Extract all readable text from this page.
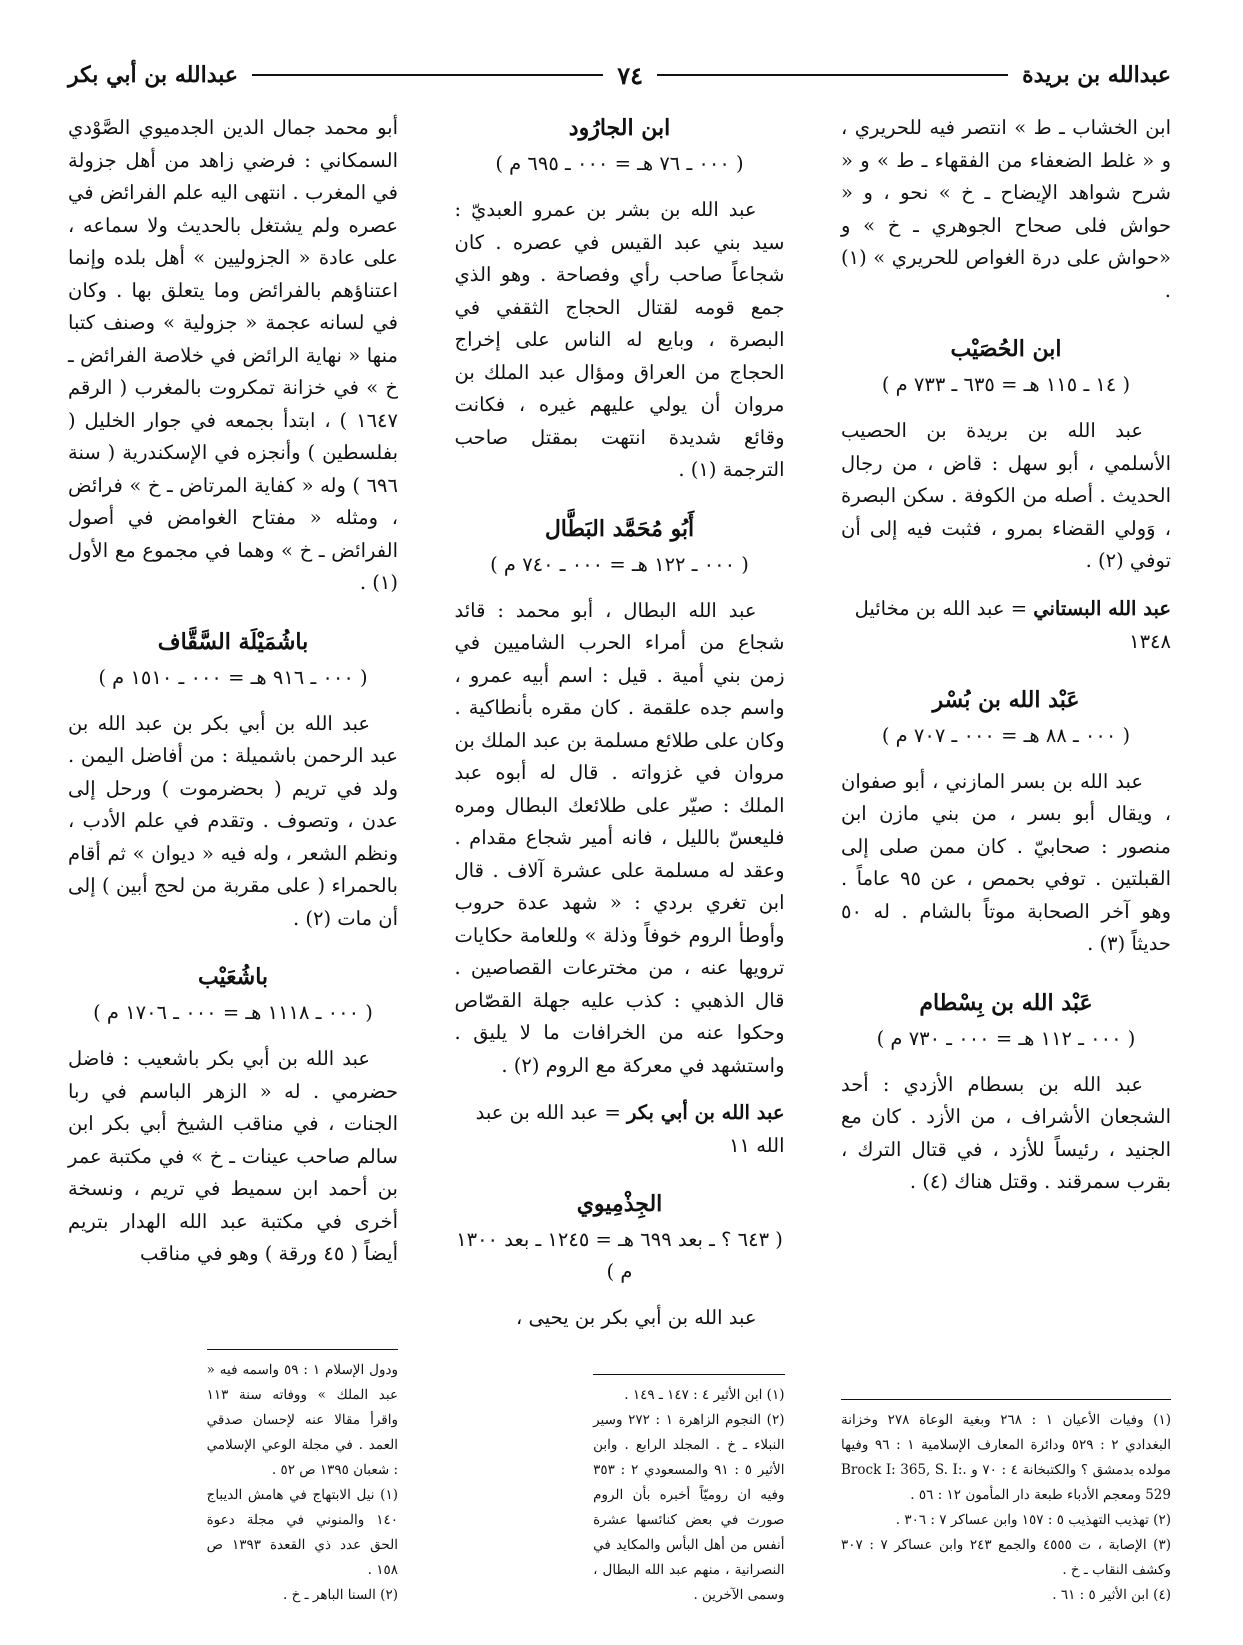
عبدالله بن بريدة
٧٤
عبدالله بن أبي بكر

ابن الخشاب ـ ط » انتصر فيه للحريري ، و « غلط الضعفاء من الفقهاء ـ ط » و « شرح شواهد الإيضاح ـ خ » نحو ، و « حواش فلى صحاح الجوهري ـ خ » و «حواش على درة الغواص للحريري » (١) .

ابن الحُصَيْب
( ١٤ ـ ١١٥ هـ = ٦٣٥ ـ ٧٣٣ م )

عبد الله بن بريدة بن الحصيب الأسلمي ، أبو سهل : قاض ، من رجال الحديث . أصله من الكوفة . سكن البصرة ، وَولي القضاء بمرو ، فثبت فيه إلى أن توفي (٢) .

عبد الله البستاني = عبد الله بن مخائيل ١٣٤٨
عَبْد الله بن بُسْر
( ٠٠٠ ـ ٨٨ هـ = ٠٠٠ ـ ٧٠٧ م )

عبد الله بن بسر المازني ، أبو صفوان ، ويقال أبو بسر ، من بني مازن ابن منصور : صحابيّ . كان ممن صلى إلى القبلتين . توفي بحمص ، عن ٩٥ عاماً . وهو آخر الصحابة موتاً بالشام . له ٥٠ حديثاً (٣) .

عَبْد الله بن بِسْطام
( ٠٠٠ ـ ١١٢ هـ = ٠٠٠ ـ ٧٣٠ م )

عبد الله بن بسطام الأزدي : أحد الشجعان الأشراف ، من الأزد . كان مع الجنيد ، رئيساً للأزد ، في قتال الترك ، بقرب سمرقند . وقتل هناك (٤) .

(١) وفيات الأعيان ١ : ٢٦٨ وبغية الوعاة ٢٧٨ وخزانة البغدادي ٢ : ٥٢٩ ودائرة المعارف الإسلامية ١ : ٩٦ وفيها مولده بدمشق ؟ والكتبخانة ٤ : ٧٠ و .Brock I: 365, S. I: 529 ومعجم الأدباء طبعة دار المأمون ١٢ : ٥٦ .

(٢) تهذيب التهذيب ٥ : ١٥٧ وابن عساكر ٧ : ٣٠٦ .

(٣) الإصابة ، ت ٤٥٥٥ والجمع ٢٤٣ وابن عساكر ٧ : ٣٠٧ وكشف النقاب ـ خ .

(٤) ابن الأثير ٥ : ٦١ .

ابن الجارُود
( ٠٠٠ ـ ٧٦ هـ = ٠٠٠ ـ ٦٩٥ م )

عبد الله بن بشر بن عمرو العبديّ : سيد بني عبد القيس في عصره . كان شجاعاً صاحب رأي وفصاحة . وهو الذي جمع قومه لقتال الحجاج الثقفي في البصرة ، وبايع له الناس على إخراج الحجاج من العراق ومؤال عبد الملك بن مروان أن يولي عليهم غيره ، فكانت وقائع شديدة انتهت بمقتل صاحب الترجمة (١) .

أَبُو مُحَمَّد البَطَّال
( ٠٠٠ ـ ١٢٢ هـ = ٠٠٠ ـ ٧٤٠ م )

عبد الله البطال ، أبو محمد : قائد شجاع من أمراء الحرب الشاميين في زمن بني أمية . قيل : اسم أبيه عمرو ، واسم جده علقمة . كان مقره بأنطاكية . وكان على طلائع مسلمة بن عبد الملك بن مروان في غزواته . قال له أبوه عبد الملك : صيّر على طلائعك البطال ومره فليعسّ بالليل ، فانه أمير شجاع مقدام . وعقد له مسلمة على عشرة آلاف . قال ابن تغري بردي : « شهد عدة حروب وأوطأ الروم خوفاً وذلة » وللعامة حكايات ترويها عنه ، من مخترعات القصاصين . قال الذهبي : كذب عليه جهلة القصّاص وحكوا عنه من الخرافات ما لا يليق . واستشهد في معركة مع الروم (٢) .

عبد الله بن أبي بكر = عبد الله بن عبد الله ١١
الجِذْمِيوي
( ٦٤٣ ؟ ـ بعد ٦٩٩ هـ = ١٢٤٥ ـ بعد ١٣٠٠ م )

عبد الله بن أبي بكر بن يحيى ،

(١) ابن الأثير ٤ : ١٤٧ ـ ١٤٩ .

(٢) النجوم الزاهرة ١ : ٢٧٢ وسير النبلاء ـ خ . المجلد الرابع . وابن الأثير ٥ : ٩١ والمسعودي ٢ : ٣٥٣ وفيه ان روميّاً أخبره بأن الروم صورت في بعض كنائسها عشرة أنفس من أهل البأس والمكايد في النصرانية ، منهم عبد الله البطال ، وسمى الآخرين .

أبو محمد جمال الدين الجدميوي الصَّوْدي السمكاني : فرضي زاهد من أهل جزولة في المغرب . انتهى اليه علم الفرائض في عصره ولم يشتغل بالحديث ولا سماعه ، على عادة « الجزوليين » أهل بلده وإنما اعتناؤهم بالفرائض وما يتعلق بها . وكان في لسانه عجمة « جزولية » وصنف كتبا منها « نهاية الرائض في خلاصة الفرائض ـ خ » في خزانة تمكروت بالمغرب ( الرقم ١٦٤٧ ) ، ابتدأ بجمعه في جوار الخليل ( بفلسطين ) وأنجزه في الإسكندرية ( سنة ٦٩٦ ) وله « كفاية المرتاض ـ خ » فرائض ، ومثله « مفتاح الغوامض في أصول الفرائض ـ خ » وهما في مجموع مع الأول (١) .

باشُمَيْلَة السَّقَّاف
( ٠٠٠ ـ ٩١٦ هـ = ٠٠٠ ـ ١٥١٠ م )

عبد الله بن أبي بكر بن عبد الله بن عبد الرحمن باشميلة : من أفاضل اليمن . ولد في تريم ( بحضرموت ) ورحل إلى عدن ، وتصوف . وتقدم في علم الأدب ، ونظم الشعر ، وله فيه « ديوان » ثم أقام بالحمراء ( على مقربة من لحج أبين ) إلى أن مات (٢) .

باشُعَيْب
( ٠٠٠ ـ ١١١٨ هـ = ٠٠٠ ـ ١٧٠٦ م )

عبد الله بن أبي بكر باشعيب : فاضل حضرمي . له « الزهر الباسم في ربا الجنات ، في مناقب الشيخ أبي بكر ابن سالم صاحب عينات ـ خ » في مكتبة عمر بن أحمد ابن سميط في تريم ، ونسخة أخرى في مكتبة عبد الله الهدار بتريم أيضاً ( ٤٥ ورقة ) وهو في مناقب

ودول الإسلام ١ : ٥٩ واسمه فيه « عبد الملك » ووفاته سنة ١١٣ واقرأ مقالا عنه لإحسان صدقي العمد . في مجلة الوعي الإسلامي : شعبان ١٣٩٥ ص ٥٢ .

(١) نيل الابتهاج في هامش الديباج ١٤٠ والمنوني في مجلة دعوة الحق عدد ذي القعدة ١٣٩٣ ص ١٥٨ .

(٢) السنا الباهر ـ خ .
